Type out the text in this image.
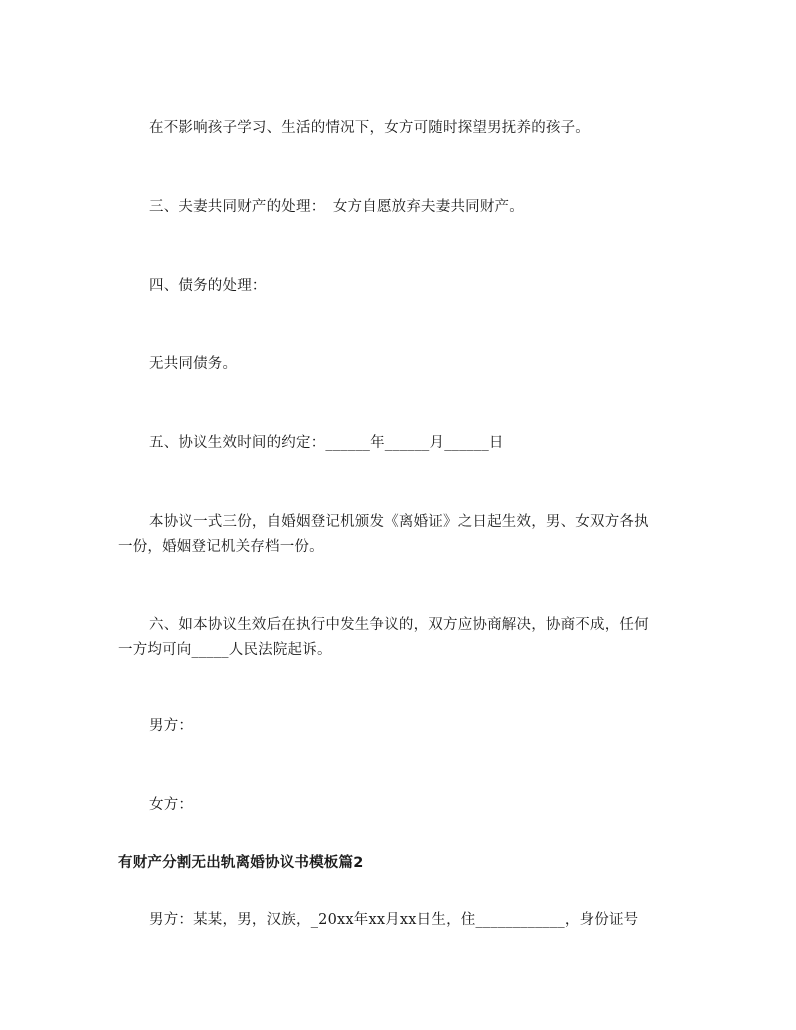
在不影响孩子学习、生活的情况下，女方可随时探望男抚养的孩子。
三、夫妻共同财产的处理：　女方自愿放弃夫妻共同财产。
四、债务的处理：
无共同债务。
五、协议生效时间的约定：______年______月______日
本协议一式三份，自婚姻登记机颁发《离婚证》之日起生效，男、女双方各执
一份，婚姻登记机关存档一份。
六、如本协议生效后在执行中发生争议的，双方应协商解决，协商不成，任何
一方均可向_____人民法院起诉。
男方：
女方：
有财产分割无出轨离婚协议书模板篇2
男方：某某，男，汉族，_20xx年xx月xx日生，住____________，身份证号
